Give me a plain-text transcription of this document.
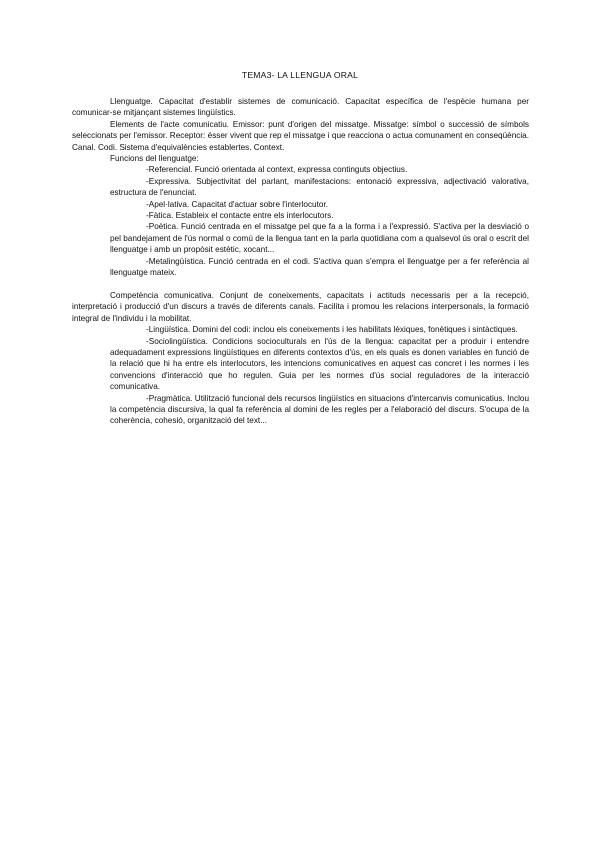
TEMA3- LA LLENGUA ORAL

Llenguatge. Capacitat d'establir sistemes de comunicació. Capacitat específica de l'espècie humana per comunicar-se mitjançant sistemes lingüístics.

Elements de l'acte comunicatiu. Emissor: punt d'origen del missatge. Missatge: símbol o successió de símbols seleccionats per l'emissor. Receptor: ésser vivent que rep el missatge i que reacciona o actua comunament en conseqüència. Canal. Codi. Sistema d'equivalències establertes. Context.

Funcions del llenguatge:

-Referencial. Funció orientada al context, expressa continguts objectius.

-Expressiva. Subjectivitat del parlant, manifestacions: entonació expressiva, adjectivació valorativa, estructura de l'enunciat.

-Apel·lativa. Capacitat d'actuar sobre l'interlocutor.

-Fàtica. Estableix el contacte entre els interlocutors.

-Poètica. Funció centrada en el missatge pel que fa a la forma i a l'expressió. S'activa per la desviació o pel bandejament de l'ús normal o comú de la llengua tant en la parla quotidiana com a qualsevol ús oral o escrit del llenguatge i amb un propòsit estètic, xocant...

-Metalingüística. Funció centrada en el codi. S'activa quan s'empra el llenguatge per a fer referència al llenguatge mateix.

Competència comunicativa. Conjunt de coneixements, capacitats i actituds necessaris per a la recepció, interpretació i producció d'un discurs a través de diferents canals. Facilita i promou les relacions interpersonals, la formació integral de l'individu i la mobilitat.

-Lingüística. Domini del codi: inclou els coneixements i les habilitats lèxiques, fonètiques i sintàctiques.

-Sociolingüística. Condicions socioculturals en l'ús de la llengua: capacitat per a produir i entendre adequadament expressions lingüístiques en diferents contextos d'ús, en els quals es donen variables en funció de la relació que hi ha entre els interlocutors, les intencions comunicatives en aquest cas concret i les normes i les convencions d'interacció que ho regulen. Guia per les normes d'ús social reguladores de la interacció comunicativa.

-Pragmàtica. Utilització funcional dels recursos lingüístics en situacions d'intercanvis comunicatius. Inclou la competència discursiva, la qual fa referència al domini de les regles per a l'elaboració del discurs. S'ocupa de la coherència, cohesió, organització del text...
